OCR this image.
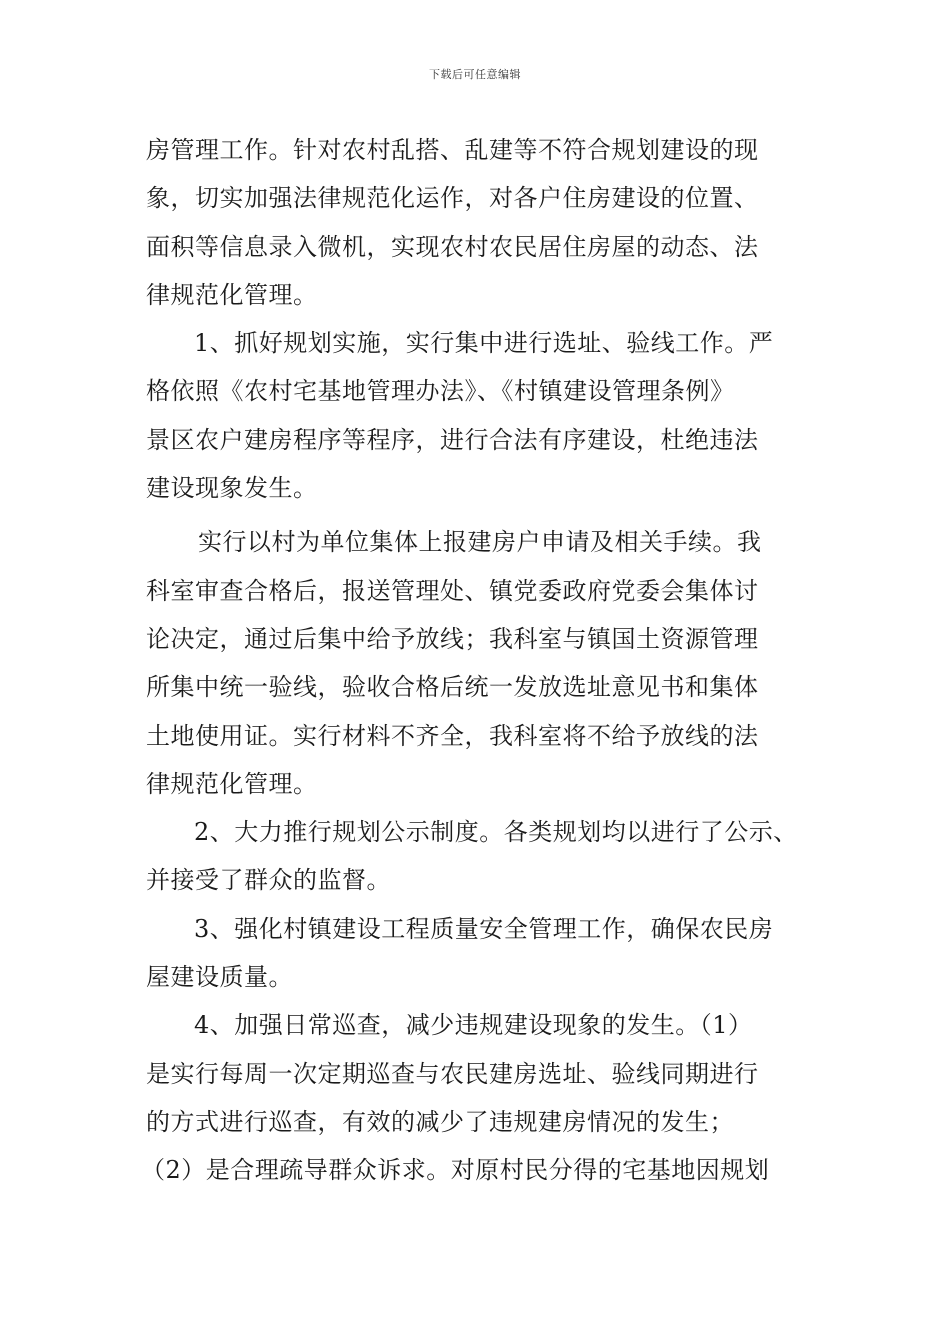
下载后可任意编辑
房管理工作。针对农村乱搭、乱建等不符合规划建设的现
象，切实加强法律规范化运作，对各户住房建设的位置、
面积等信息录入微机，实现农村农民居住房屋的动态、法
律规范化管理。
1、抓好规划实施，实行集中进行选址、验线工作。严
格依照《农村宅基地管理办法》、《村镇建设管理条例》
景区农户建房程序等程序，进行合法有序建设，杜绝违法
建设现象发生。
实行以村为单位集体上报建房户申请及相关手续。我
科室审查合格后，报送管理处、镇党委政府党委会集体讨
论决定，通过后集中给予放线；我科室与镇国土资源管理
所集中统一验线，验收合格后统一发放选址意见书和集体
土地使用证。实行材料不齐全，我科室将不给予放线的法
律规范化管理。
2、大力推行规划公示制度。各类规划均以进行了公示、
并接受了群众的监督。
3、强化村镇建设工程质量安全管理工作，确保农民房
屋建设质量。
4、加强日常巡查，减少违规建设现象的发生。（1）
是实行每周一次定期巡查与农民建房选址、验线同期进行
的方式进行巡查，有效的减少了违规建房情况的发生；
（2）是合理疏导群众诉求。对原村民分得的宅基地因规划
